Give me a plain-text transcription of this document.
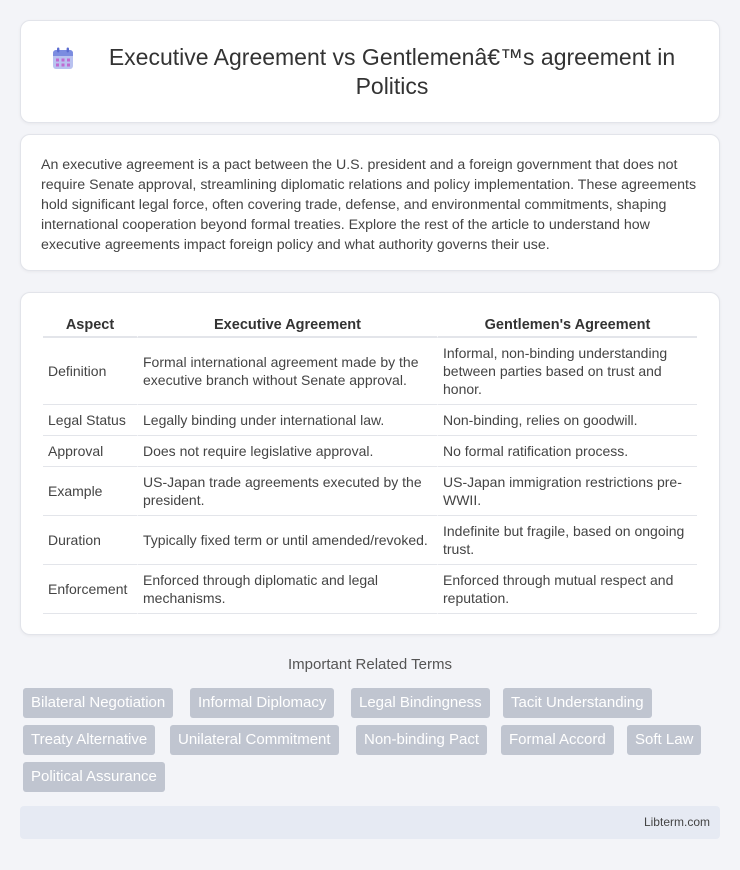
Executive Agreement vs Gentlemenâ€™s agreement in Politics

An executive agreement is a pact between the U.S. president and a foreign government that does not require Senate approval, streamlining diplomatic relations and policy implementation. These agreements hold significant legal force, often covering trade, defense, and environmental commitments, shaping international cooperation beyond formal treaties. Explore the rest of the article to understand how executive agreements impact foreign policy and what authority governs their use.

Aspect	Executive Agreement	Gentlemen's Agreement
Definition	Formal international agreement made by the executive branch without Senate approval.	Informal, non-binding understanding between parties based on trust and honor.
Legal Status	Legally binding under international law.	Non-binding, relies on goodwill.
Approval	Does not require legislative approval.	No formal ratification process.
Example	US-Japan trade agreements executed by the president.	US-Japan immigration restrictions pre-WWII.
Duration	Typically fixed term or until amended/revoked.	Indefinite but fragile, based on ongoing trust.
Enforcement	Enforced through diplomatic and legal mechanisms.	Enforced through mutual respect and reputation.
Important Related Terms
Bilateral Negotiation	Informal Diplomacy	Legal Bindingness	Tacit Understanding
Treaty Alternative	Unilateral Commitment	Non-binding Pact	Formal Accord	Soft Law
Political Assurance
Libterm.com
